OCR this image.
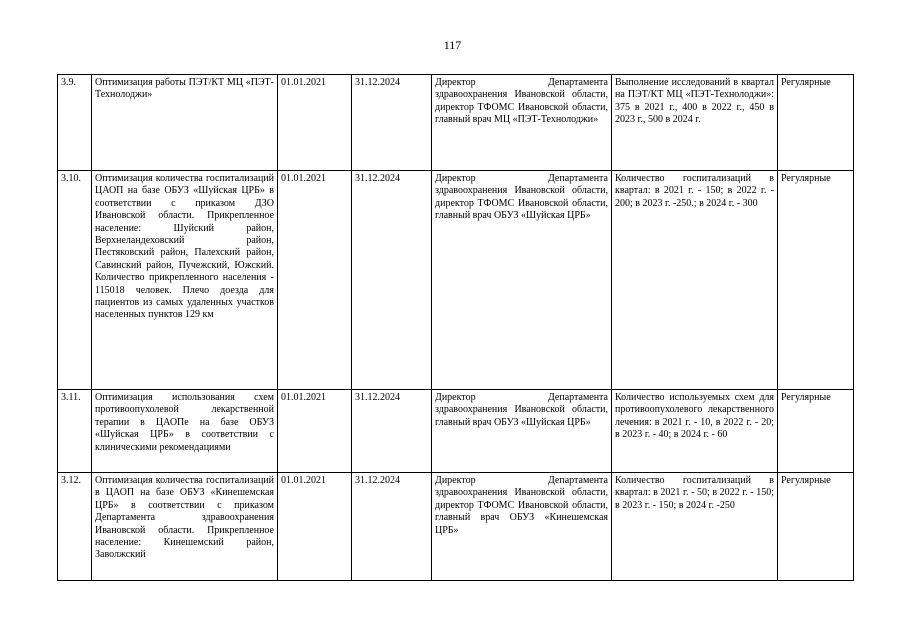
117
3.9.	Оптимизация работы ПЭТ/КТ МЦ «ПЭТ-Технолоджи»	01.01.2021	31.12.2024	Директор Департамента здравоохранения Ивановской области, директор ТФОМС Ивановской области, главный врач МЦ «ПЭТ-Технолоджи»	Выполнение исследований в квартал на ПЭТ/КТ МЦ «ПЭТ-Технолоджи»: 375 в 2021 г., 400 в 2022 г., 450 в 2023 г., 500 в 2024 г.	Регулярные
3.10.	Оптимизация количества госпитализаций ЦАОП на базе ОБУЗ «Шуйская ЦРБ» в соответствии с приказом ДЗО Ивановской области. Прикрепленное население: Шуйский район, Верхнеландеховский район, Пестяковский район, Палехский район, Савинский район, Пучежский, Южский. Количество прикрепленного населения - 115018 человек. Плечо доезда для пациентов из самых удаленных участков населенных пунктов 129 км	01.01.2021	31.12.2024	Директор Департамента здравоохранения Ивановской области, директор ТФОМС Ивановской области, главный врач ОБУЗ «Шуйская ЦРБ»	Количество госпитализаций в квартал: в 2021 г. - 150; в 2022 г. - 200; в 2023 г. -250.; в 2024 г. - 300	Регулярные
3.11.	Оптимизация использования схем противоопухолевой лекарственной терапии в ЦАОПе на базе ОБУЗ «Шуйская ЦРБ» в соответствии с клиническими рекомендациями	01.01.2021	31.12.2024	Директор Департамента здравоохранения Ивановской области, главный врач ОБУЗ «Шуйская ЦРБ»	Количество используемых схем для противоопухолевого лекарственного лечения: в 2021 г. - 10, в 2022 г. - 20; в 2023 г. - 40; в 2024 г. - 60	Регулярные
3.12.	Оптимизация количества госпитализаций в ЦАОП на базе ОБУЗ «Кинешемская ЦРБ» в соответствии с приказом Департамента здравоохранения Ивановской области. Прикрепленное население: Кинешемский район, Заволжский	01.01.2021	31.12.2024	Директор Департамента здравоохранения Ивановской области, директор ТФОМС Ивановской области, главный врач ОБУЗ «Кинешемская ЦРБ»	Количество госпитализаций в квартал: в 2021 г. - 50; в 2022 г. - 150; в 2023 г. - 150; в 2024 г. -250	Регулярные
